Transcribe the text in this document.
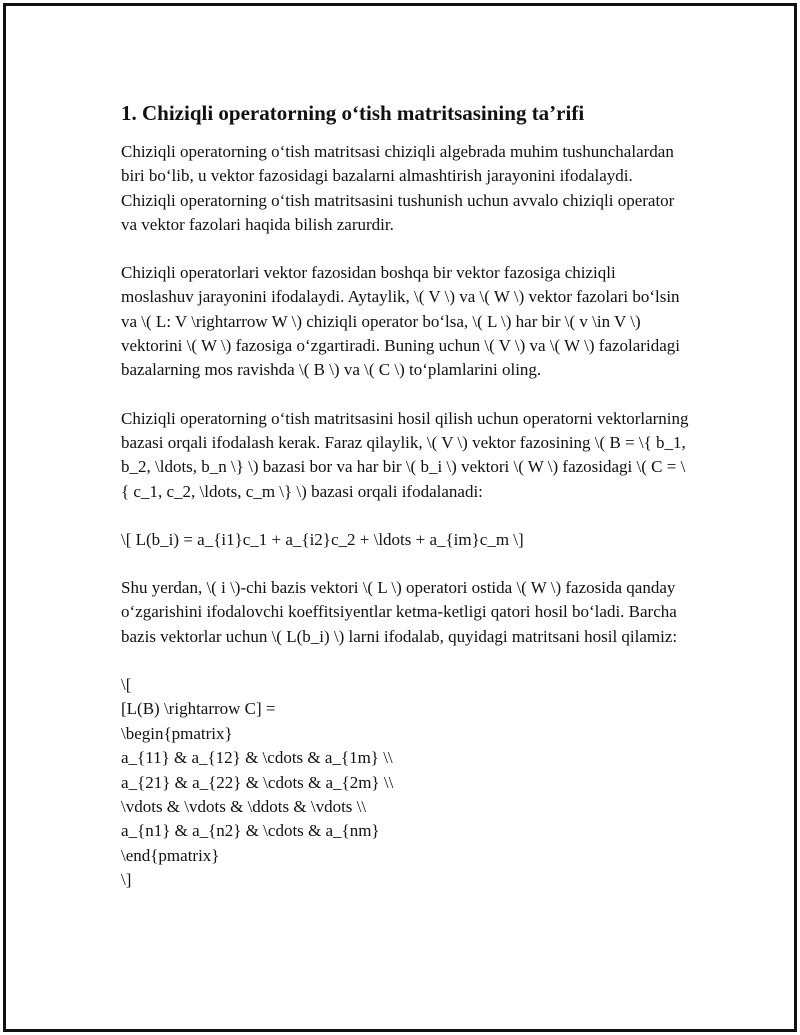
1. Chiziqli operatorning o‘tish matritsasining ta’rifi

Chiziqli operatorning o‘tish matritsasi chiziqli algebrada muhim tushunchalardan biri bo‘lib, u vektor fazosidagi bazalarni almashtirish jarayonini ifodalaydi. Chiziqli operatorning o‘tish matritsasini tushunish uchun avvalo chiziqli operator va vektor fazolari haqida bilish zarurdir.

Chiziqli operatorlari vektor fazosidan boshqa bir vektor fazosiga chiziqli moslashuv jarayonini ifodalaydi. Aytaylik, \( V \) va \( W \) vektor fazolari bo‘lsin va \( L: V \rightarrow W \) chiziqli operator bo‘lsa, \( L \) har bir \( v \in V \) vektorini \( W \) fazosiga o‘zgartiradi. Buning uchun \( V \) va \( W \) fazolaridagi bazalarning mos ravishda \( B \) va \( C \) to‘plamlarini oling.

Chiziqli operatorning o‘tish matritsasini hosil qilish uchun operatorni vektorlarning bazasi orqali ifodalash kerak. Faraz qilaylik, \( V \) vektor fazosining \( B = \{ b_1, b_2, \ldots, b_n \} \) bazasi bor va har bir \( b_i \) vektori \( W \) fazosidagi \( C = \{ c_1, c_2, \ldots, c_m \} \) bazasi orqali ifodalanadi:

\[ L(b_i) = a_{i1}c_1 + a_{i2}c_2 + \ldots + a_{im}c_m \]

Shu yerdan, \( i \)-chi bazis vektori \( L \) operatori ostida \( W \) fazosida qanday o‘zgarishini ifodalovchi koeffitsiyentlar ketma-ketligi qatori hosil bo‘ladi. Barcha bazis vektorlar uchun \( L(b_i) \) larni ifodalab, quyidagi matritsani hosil qilamiz:

\[
[L(B) \rightarrow C] =
\begin{pmatrix}
a_{11} & a_{12} & \cdots & a_{1m} \\
a_{21} & a_{22} & \cdots & a_{2m} \\
\vdots & \vdots & \ddots & \vdots \\
a_{n1} & a_{n2} & \cdots & a_{nm}
\end{pmatrix}
\]
